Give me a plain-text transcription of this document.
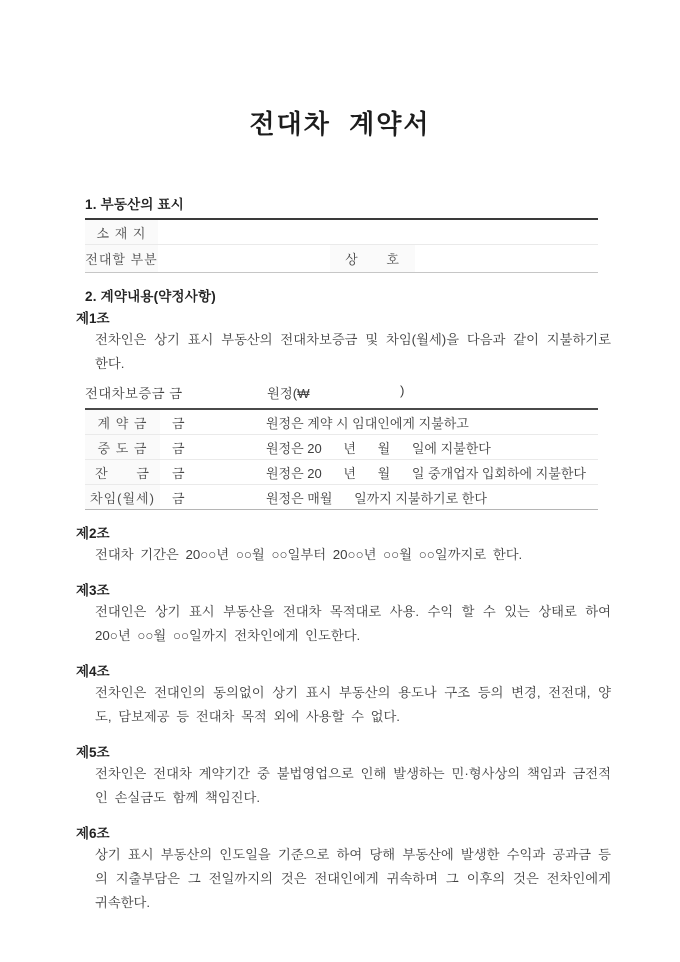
전대차 계약서
1. 부동산의 표시
소 재 지			
전대할 부분		상      호	
2. 계약내용(약정사항)
제1조

전차인은 상기 표시 부동산의 전대차보증금 및 차임(월세)을 다음과 같이 지불하기로 한다.

전대차보증금 금	원정(₩	)
계 약 금	금	원정은 계약 시 임대인에게 지불하고
중 도 금	금	원정은 20      년      월      일에 지불한다
잔      금	금	원정은 20      년      월      일 중개업자 입회하에 지불한다
차임(월세)	금	원정은 매월      일까지 지불하기로 한다
제2조

전대차 기간은 20○○년 ○○월 ○○일부터 20○○년 ○○월 ○○일까지로 한다.

제3조

전대인은 상기 표시 부동산을 전대차 목적대로 사용. 수익 할 수 있는 상태로 하여 20○년 ○○월 ○○일까지 전차인에게 인도한다.

제4조

전차인은 전대인의 동의없이 상기 표시 부동산의 용도나 구조 등의 변경, 전전대, 양도, 담보제공 등 전대차 목적 외에 사용할 수 없다.

제5조

전차인은 전대차 계약기간 중 불법영업으로 인해 발생하는 민·형사상의 책임과 금전적인 손실금도 함께 책임진다.

제6조

상기 표시 부동산의 인도일을 기준으로 하여 당해 부동산에 발생한 수익과 공과금 등의 지출부담은 그 전일까지의 것은 전대인에게 귀속하며 그 이후의 것은 전차인에게 귀속한다.
